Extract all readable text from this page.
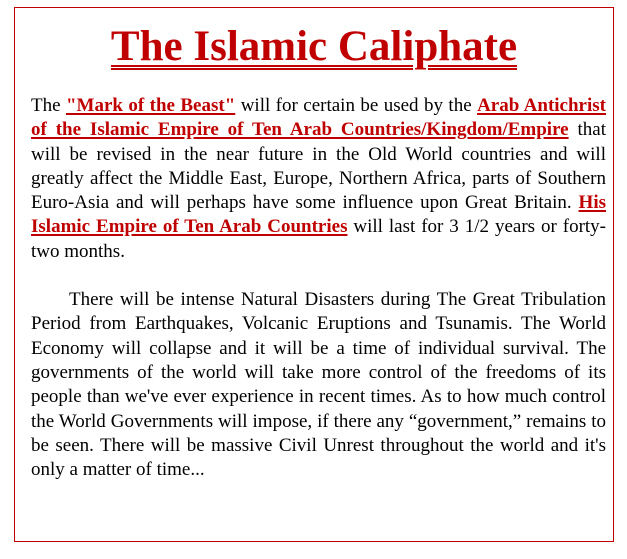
The Islamic Caliphate

The "Mark of the Beast" will for certain be used by the Arab Antichrist of the Islamic Empire of Ten Arab Countries/Kingdom/Empire that will be revised in the near future in the Old World countries and will greatly affect the Middle East, Europe, Northern Africa, parts of Southern Euro-Asia and will perhaps have some influence upon Great Britain. His Islamic Empire of Ten Arab Countries will last for 3 1/2 years or forty-two months.

There will be intense Natural Disasters during The Great Tribulation Period from Earthquakes, Volcanic Eruptions and Tsunamis. The World Economy will collapse and it will be a time of individual survival. The governments of the world will take more control of the freedoms of its people than we've ever experience in recent times. As to how much control the World Governments will impose, if there any “government,” remains to be seen. There will be massive Civil Unrest throughout the world and it's only a matter of time...
